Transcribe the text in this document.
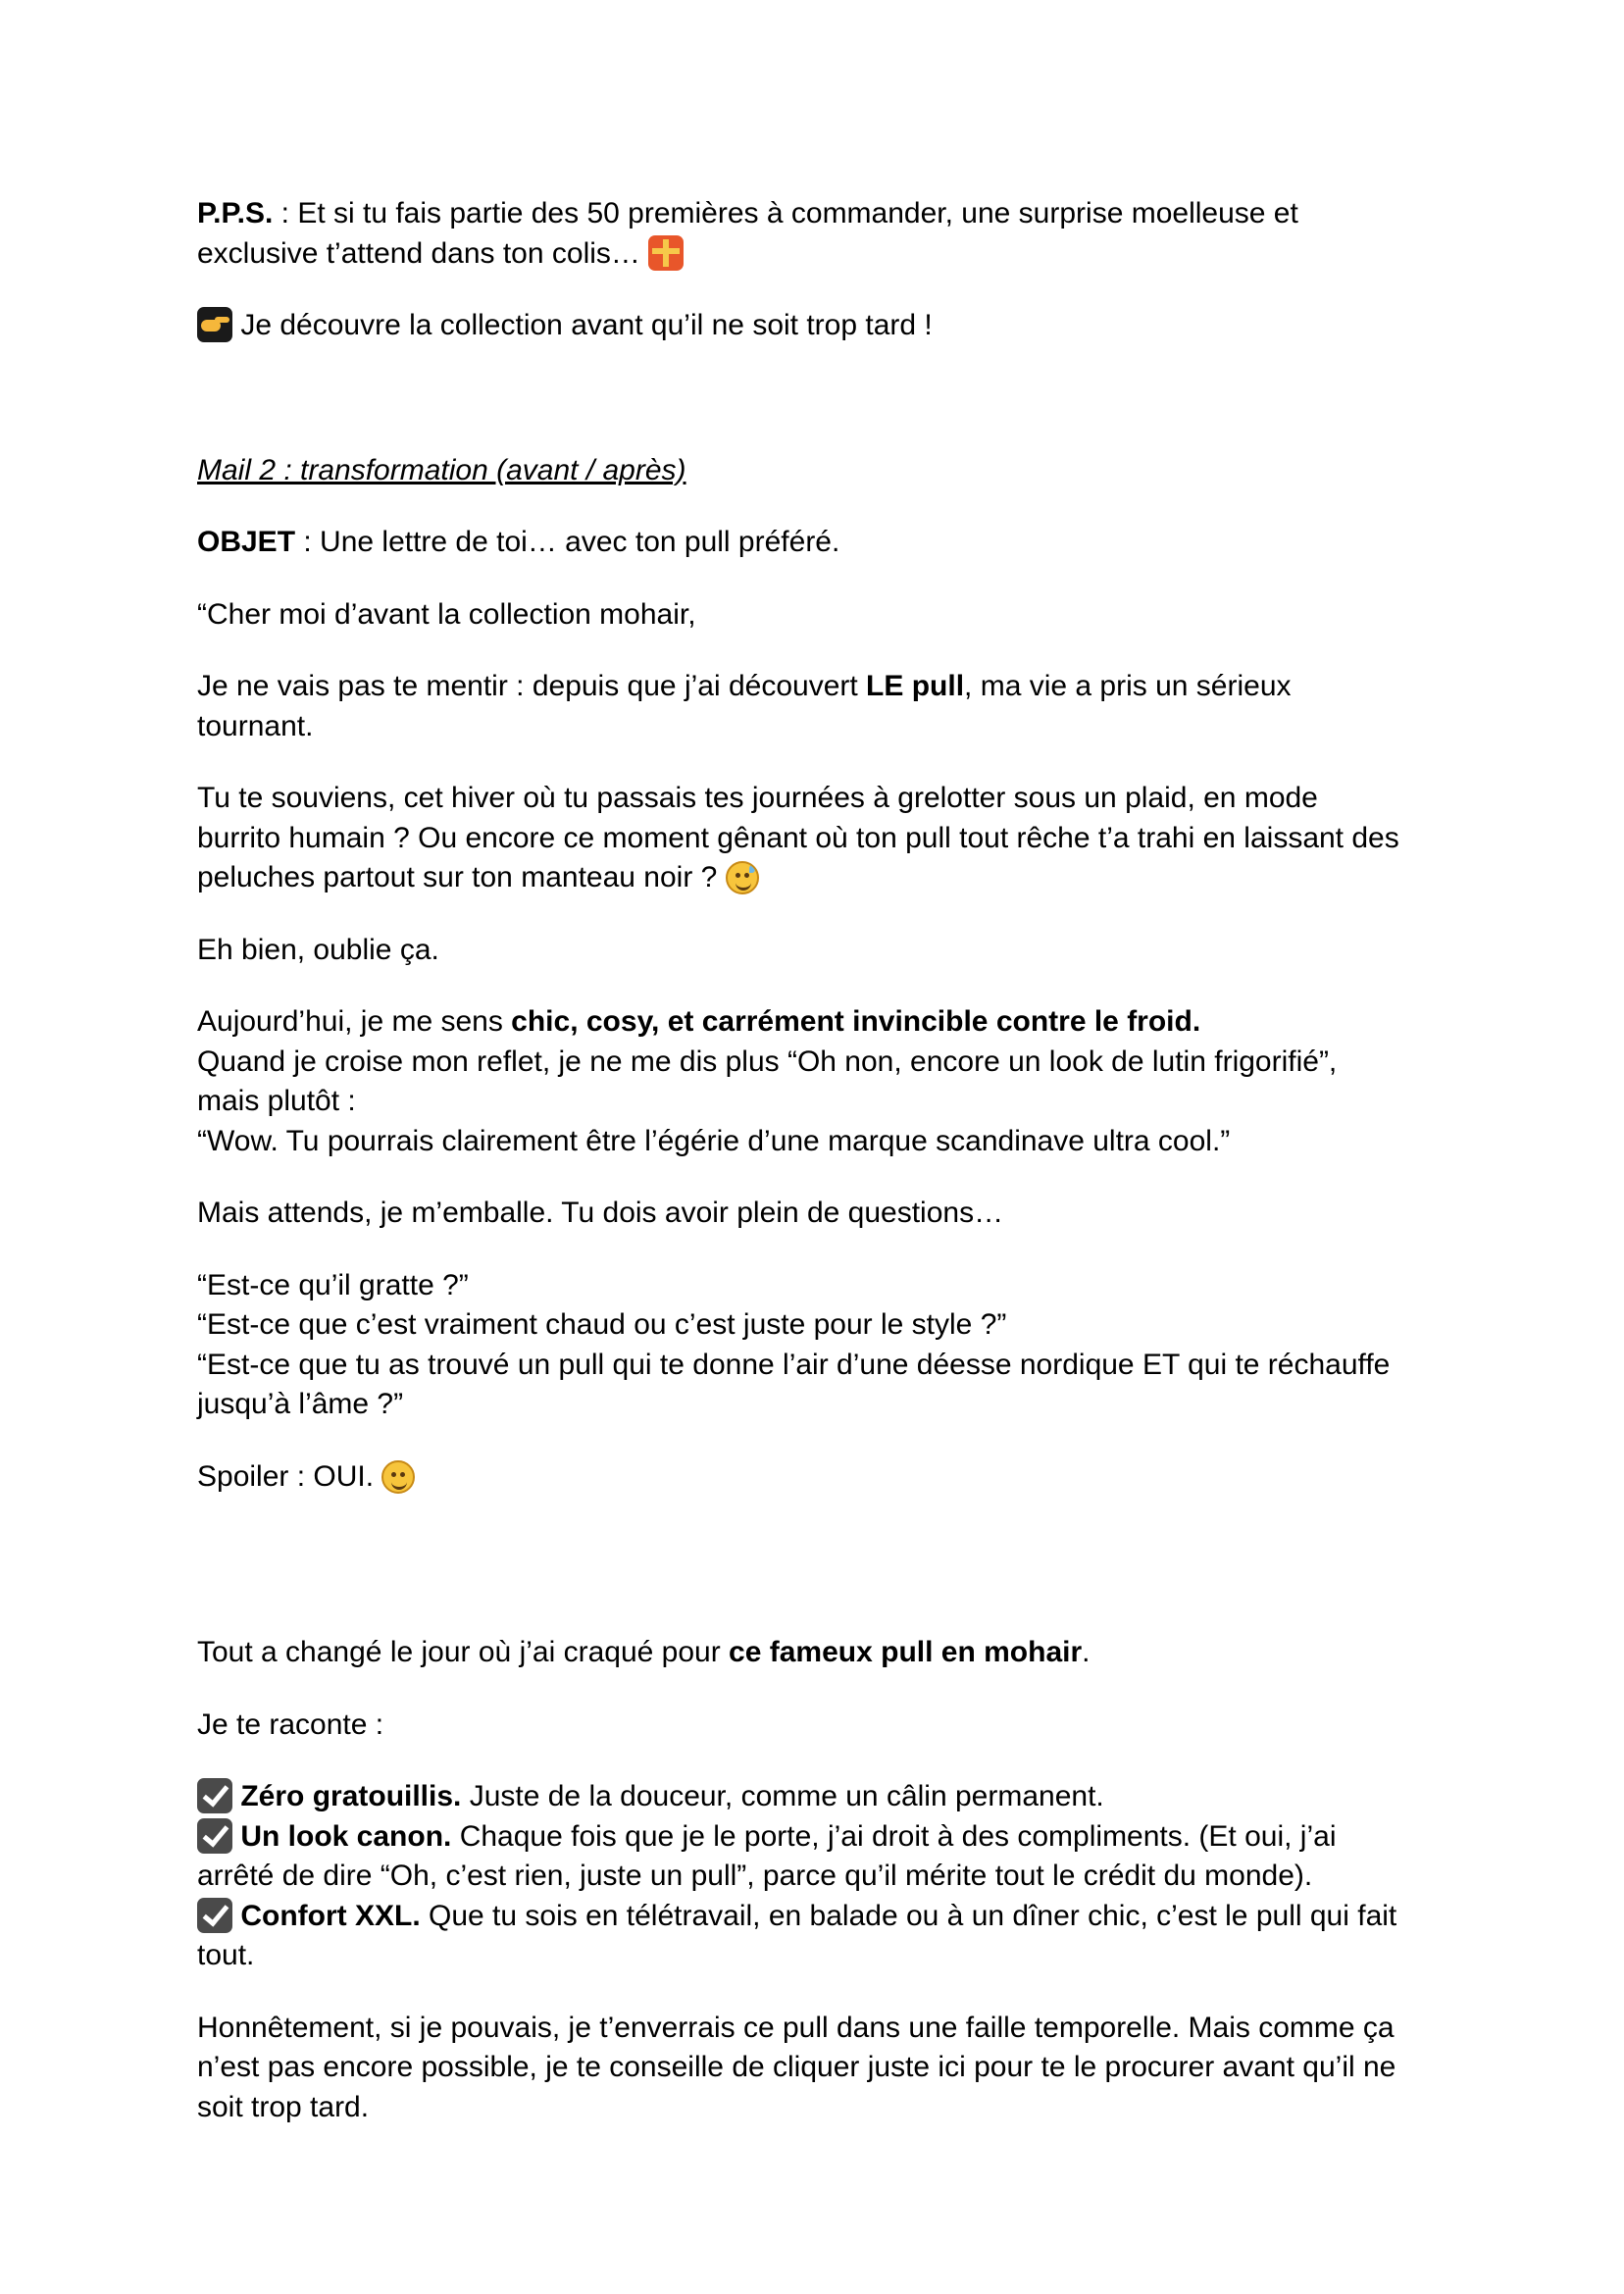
P.P.S. : Et si tu fais partie des 50 premières à commander, une surprise moelleuse et
exclusive t’attend dans ton colis…

Je découvre la collection avant qu’il ne soit trop tard !

Mail 2 : transformation (avant / après)

OBJET : Une lettre de toi… avec ton pull préféré.

“Cher moi d’avant la collection mohair,

Je ne vais pas te mentir : depuis que j’ai découvert LE pull, ma vie a pris un sérieux
tournant.

Tu te souviens, cet hiver où tu passais tes journées à grelotter sous un plaid, en mode
burrito humain ? Ou encore ce moment gênant où ton pull tout rêche t’a trahi en laissant des
peluches partout sur ton manteau noir ?

Eh bien, oublie ça.

Aujourd’hui, je me sens chic, cosy, et carrément invincible contre le froid.
Quand je croise mon reflet, je ne me dis plus “Oh non, encore un look de lutin frigorifié”,
mais plutôt :
“Wow. Tu pourrais clairement être l’égérie d’une marque scandinave ultra cool.”

Mais attends, je m’emballe. Tu dois avoir plein de questions…

“Est-ce qu’il gratte ?”
“Est-ce que c’est vraiment chaud ou c’est juste pour le style ?”
“Est-ce que tu as trouvé un pull qui te donne l’air d’une déesse nordique ET qui te réchauffe
jusqu’à l’âme ?”

Spoiler : OUI.

Tout a changé le jour où j’ai craqué pour ce fameux pull en mohair.

Je te raconte :

Zéro gratouillis. Juste de la douceur, comme un câlin permanent.
Un look canon. Chaque fois que je le porte, j’ai droit à des compliments. (Et oui, j’ai
arrêté de dire “Oh, c’est rien, juste un pull”, parce qu’il mérite tout le crédit du monde).
Confort XXL. Que tu sois en télétravail, en balade ou à un dîner chic, c’est le pull qui fait
tout.

Honnêtement, si je pouvais, je t’enverrais ce pull dans une faille temporelle. Mais comme ça
n’est pas encore possible, je te conseille de cliquer juste ici pour te le procurer avant qu’il ne
soit trop tard.
